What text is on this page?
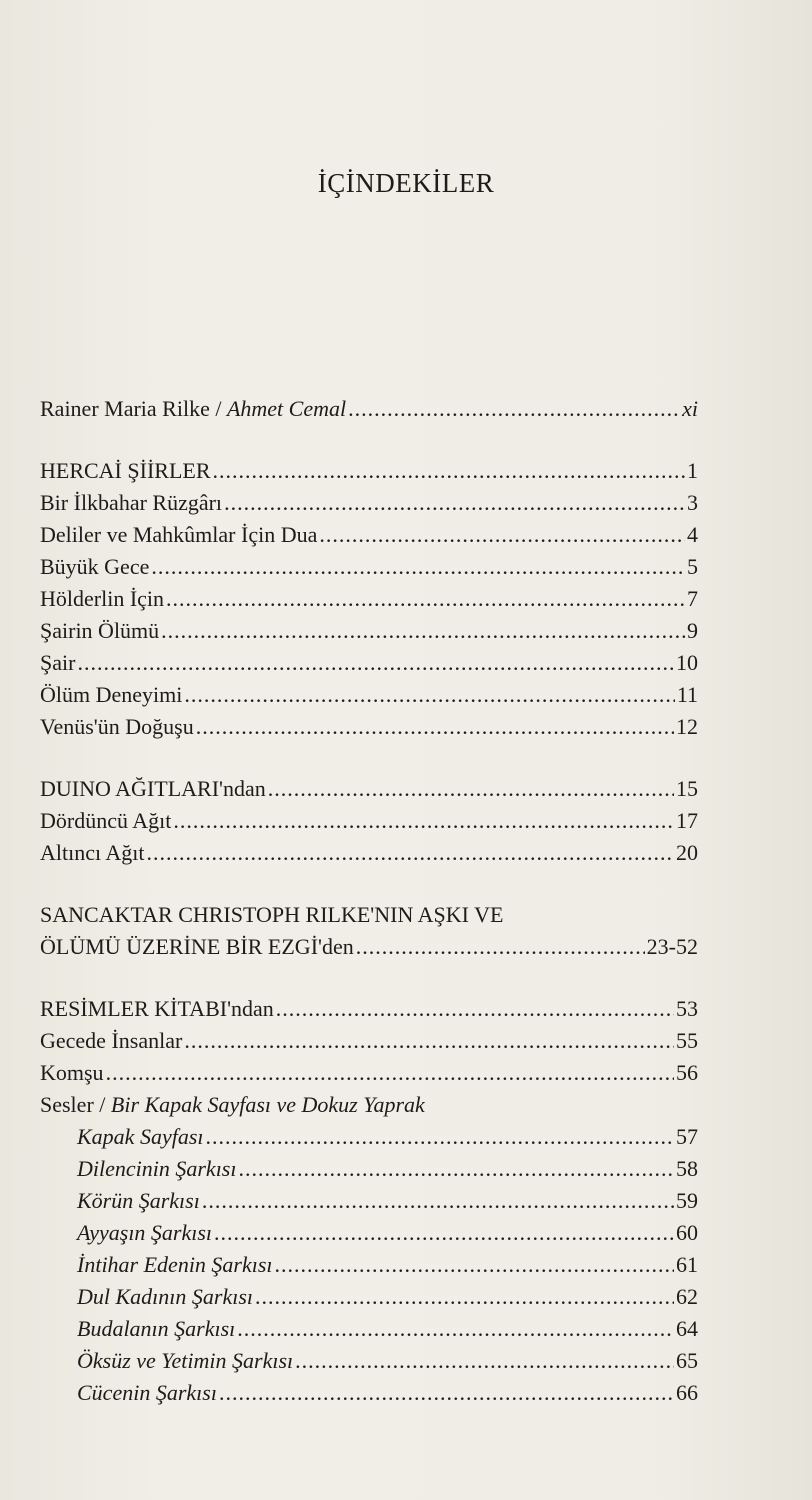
İÇİNDEKİLER
Rainer Maria Rilke / Ahmet Cemal .....	xi
HERCAİ ŞİİRLER .....	1
Bir İlkbahar Rüzgârı .....	3
Deliler ve Mahkûmlar İçin Dua .....	4
Büyük Gece .....	5
Hölderlin İçin .....	7
Şairin Ölümü .....	9
Şair .....	10
Ölüm Deneyimi .....	11
Venüs'ün Doğuşu .....	12
DUINO AĞITLARI'ndan .....	15
Dördüncü Ağıt .....	17
Altıncı Ağıt .....	20
SANCAKTAR CHRISTOPH RILKE'NIN AŞKI VE
ÖLÜMÜ ÜZERİNE BİR EZGİ'den .....	23-52
RESİMLER KİTABI'ndan .....	53
Gecede İnsanlar .....	55
Komşu .....	56
Sesler / Bir Kapak Sayfası ve Dokuz Yaprak
Kapak Sayfası .....	57
Dilencinin Şarkısı .....	58
Körün Şarkısı .....	59
Ayyaşın Şarkısı .....	60
İntihar Edenin Şarkısı .....	61
Dul Kadının Şarkısı .....	62
Budalanın Şarkısı .....	64
Öksüz ve Yetimin Şarkısı .....	65
Cücenin Şarkısı .....	66
